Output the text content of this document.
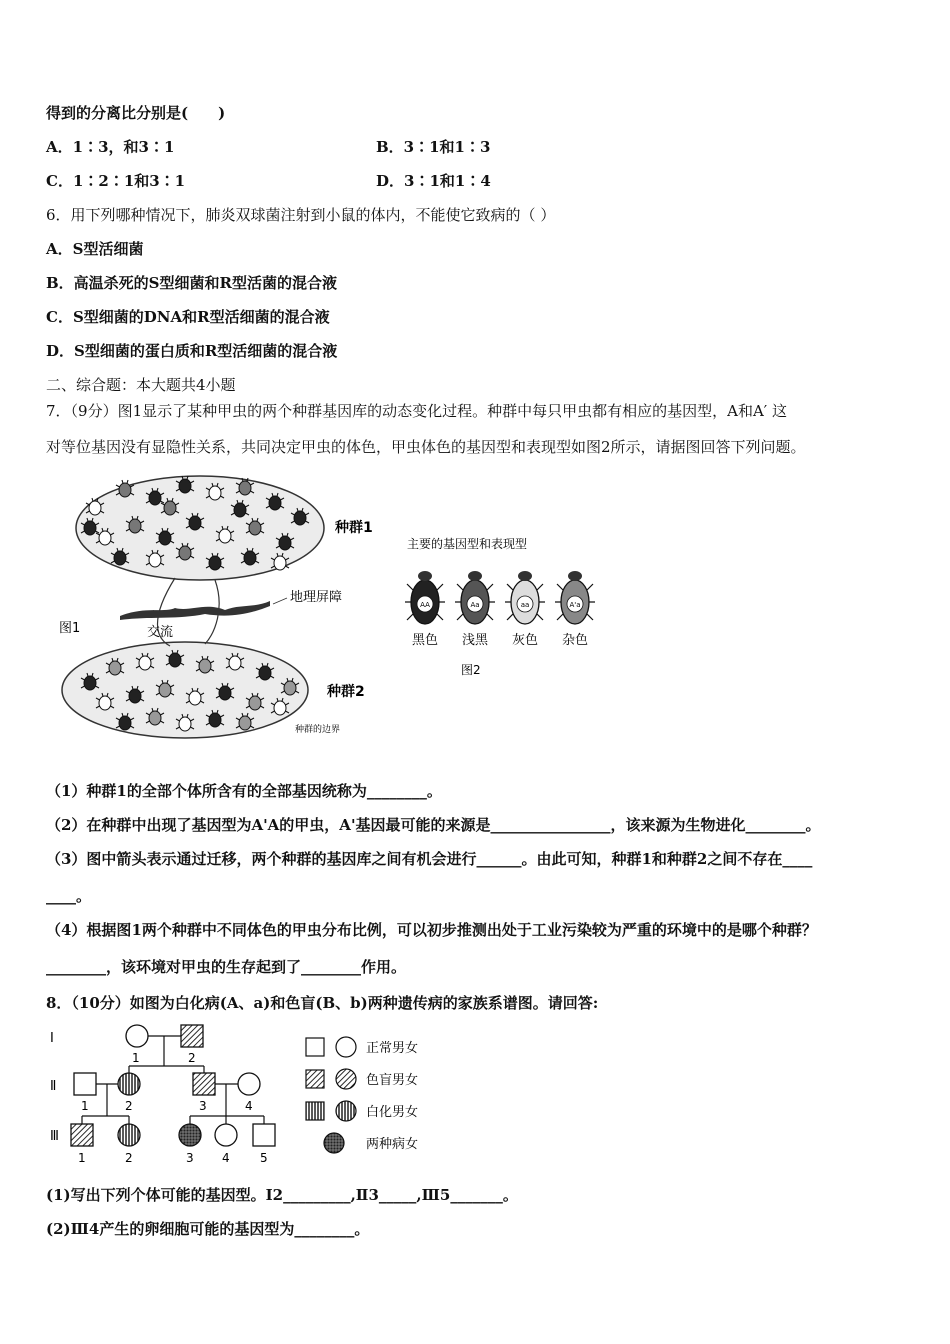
得到的分离比分别是(　　)
A．1∶3，和3∶1	B．3∶1和1∶3
C．1∶2∶1和3∶1	D．3∶1和1∶4
6．用下列哪种情况下，肺炎双球菌注射到小鼠的体内，不能使它致病的（ ）
A．S型活细菌
B．高温杀死的S型细菌和R型活菌的混合液
C．S型细菌的DNA和R型活细菌的混合液
D．S型细菌的蛋白质和R型活细菌的混合液
二、综合题：本大题共4小题
7．（9分）图1显示了某种甲虫的两个种群基因库的动态变化过程。种群中每只甲虫都有相应的基因型，A和A′ 这
对等位基因没有显隐性关系，共同决定甲虫的体色，甲虫体色的基因型和表现型如图2所示，请据图回答下列问题。
地理屏障
交流
图1
种群1
种群2
种群的边界
主要的基因型和表现型
AA
黑色
Aa
浅黑
aa
灰色
A'a
杂色
图2
（1）种群1的全部个体所含有的全部基因统称为________。
（2）在种群中出现了基因型为A'A的甲虫，A'基因最可能的来源是________________，该来源为生物进化________。
（3）图中箭头表示通过迁移，两个种群的基因库之间有机会进行______。由此可知，种群1和种群2之间不存在____
____。
（4）根据图1两个种群中不同体色的甲虫分布比例，可以初步推测出处于工业污染较为严重的环境中的是哪个种群？
________，该环境对甲虫的生存起到了________作用。
8．（10分）如图为白化病(A、a)和色盲(B、b)两种遗传病的家族系谱图。请回答:
Ⅰ
Ⅱ
Ⅲ
1	2
1	2	3	4
1	2	3 4	5
正常男女
色盲男女
白化男女
两种病女
(1)写出下列个体可能的基因型。Ⅰ2_________,Ⅱ3_____,Ⅲ5_______。
(2)Ⅲ4产生的卵细胞可能的基因型为________。
